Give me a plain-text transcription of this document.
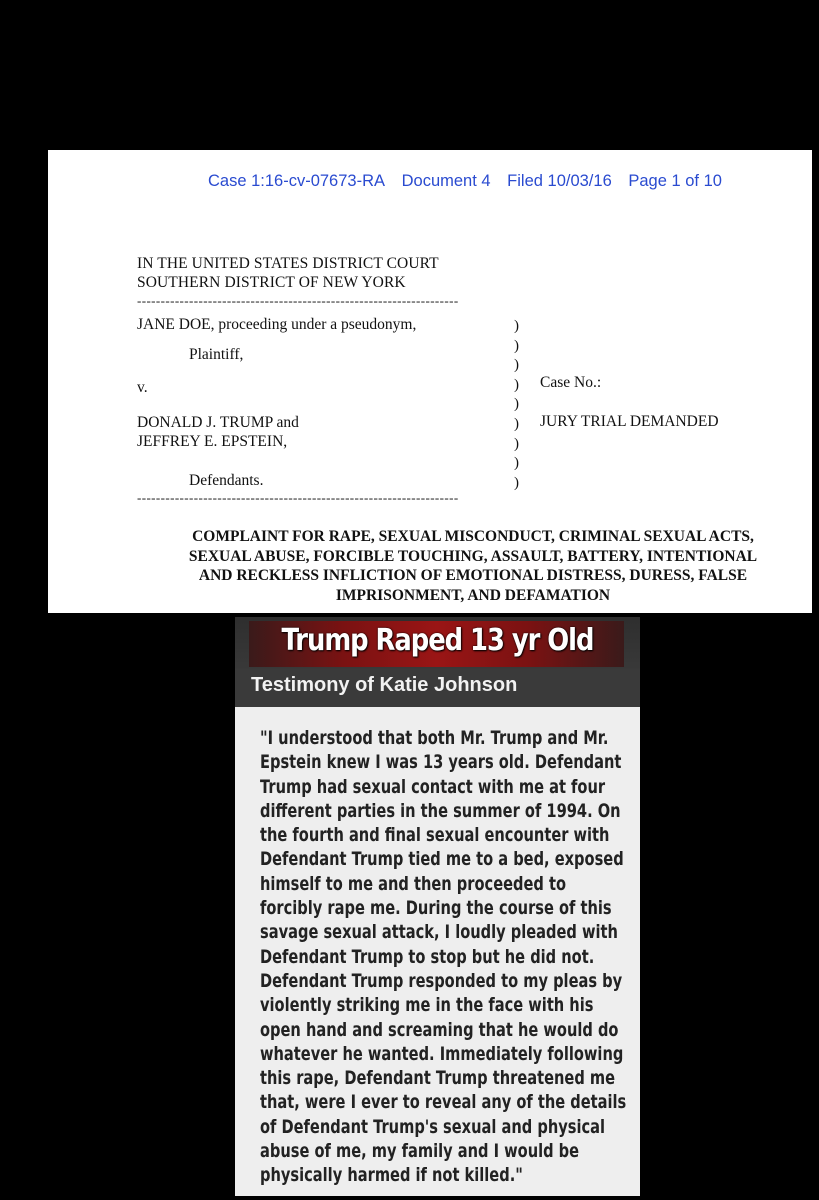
Case 1:16-cv-07673-RA Document 4 Filed 10/03/16 Page 1 of 10
IN THE UNITED STATES DISTRICT COURT
SOUTHERN DISTRICT OF NEW YORK
--------------------------------------------------------------------
JANE DOE, proceeding under a pseudonym,
Plaintiff,
v.
DONALD J. TRUMP and
JEFFREY E. EPSTEIN,
Defendants.
)
)
)
)
)
)
)
)
)
Case No.:
JURY TRIAL DEMANDED
--------------------------------------------------------------------
COMPLAINT FOR RAPE, SEXUAL MISCONDUCT, CRIMINAL SEXUAL ACTS,
SEXUAL ABUSE, FORCIBLE TOUCHING, ASSAULT, BATTERY, INTENTIONAL
AND RECKLESS INFLICTION OF EMOTIONAL DISTRESS, DURESS, FALSE
IMPRISONMENT, AND DEFAMATION
Trump Raped 13 yr Old
Testimony of Katie Johnson
"I understood that both Mr. Trump and Mr.
Epstein knew I was 13 years old. Defendant
Trump had sexual contact with me at four
different parties in the summer of 1994. On
the fourth and final sexual encounter with
Defendant Trump tied me to a bed, exposed
himself to me and then proceeded to
forcibly rape me. During the course of this
savage sexual attack, I loudly pleaded with
Defendant Trump to stop but he did not.
Defendant Trump responded to my pleas by
violently striking me in the face with his
open hand and screaming that he would do
whatever he wanted. Immediately following
this rape, Defendant Trump threatened me
that, were I ever to reveal any of the details
of Defendant Trump's sexual and physical
abuse of me, my family and I would be
physically harmed if not killed."
